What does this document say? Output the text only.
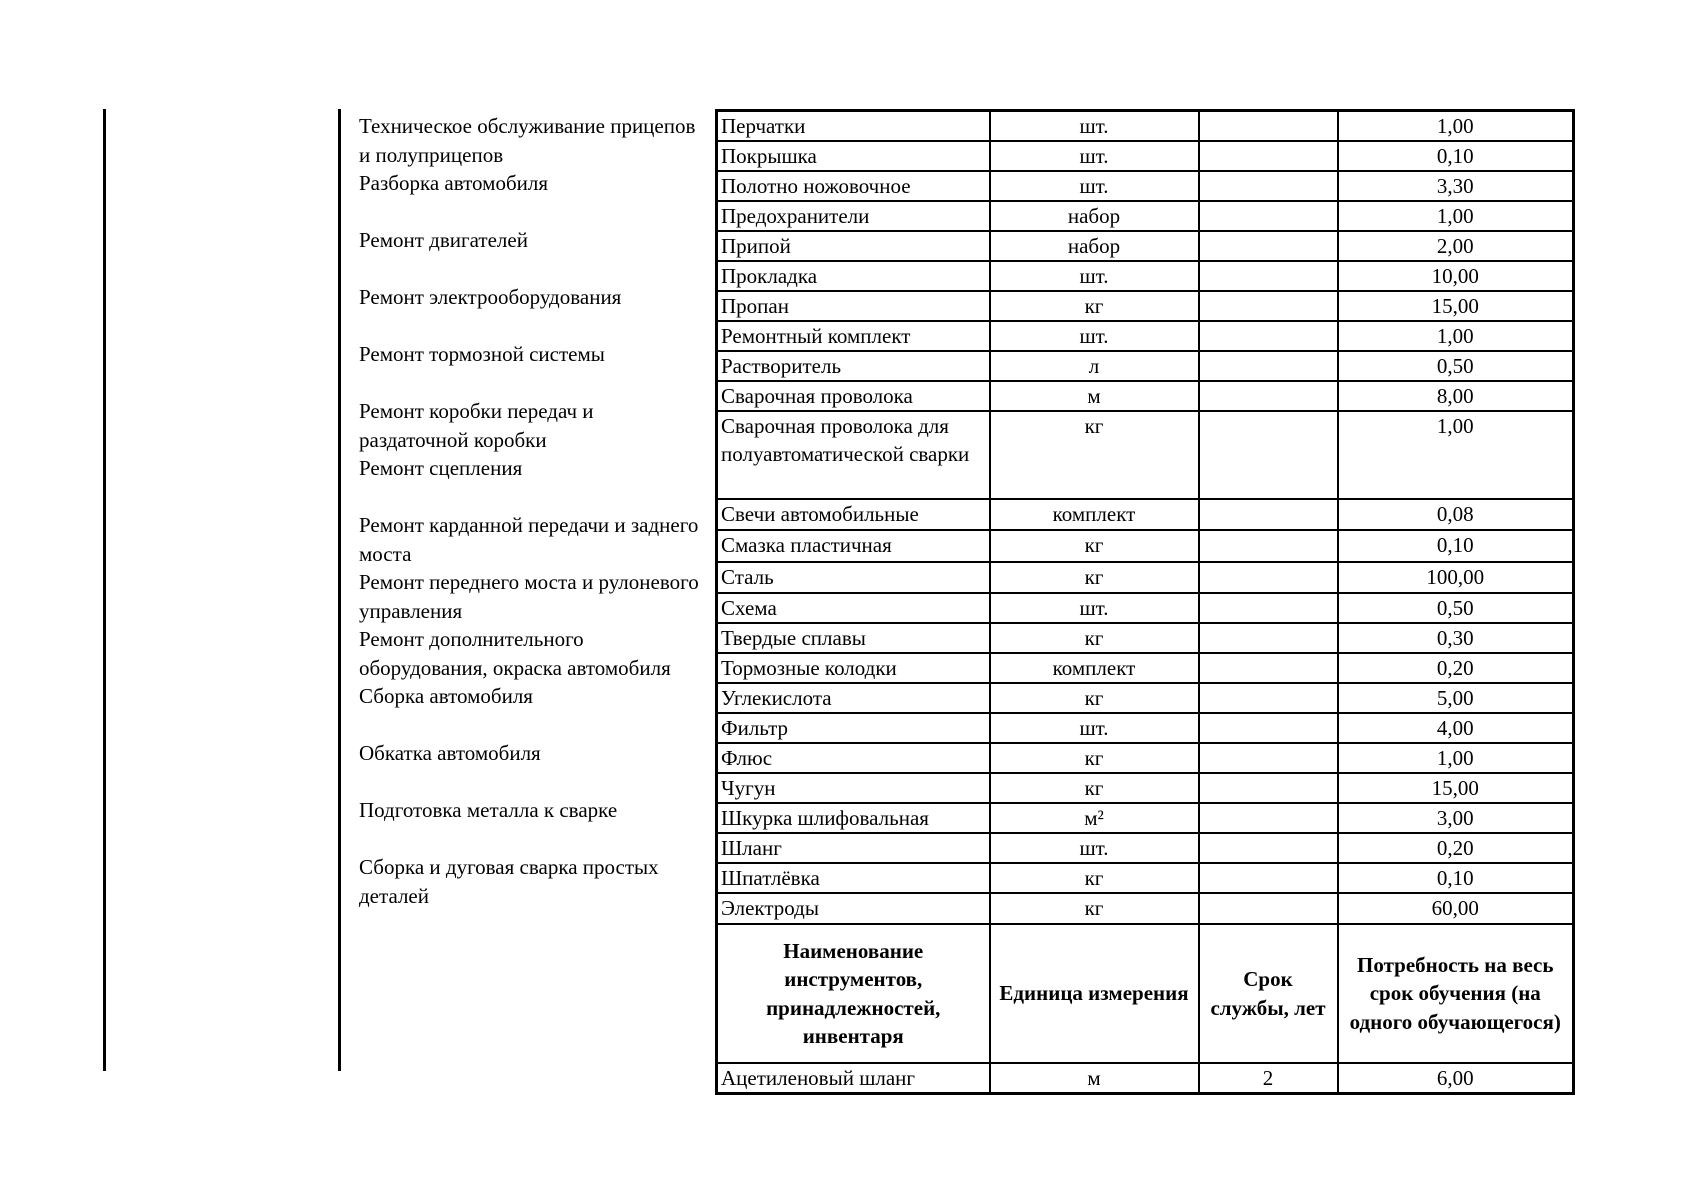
Техническое обслуживание прицепов и полуприцепов
Разборка автомобиля
Ремонт двигателей
Ремонт электрооборудования
Ремонт тормозной системы
Ремонт коробки передач и раздаточной коробки
Ремонт сцепления
Ремонт карданной передачи и заднего моста
Ремонт переднего моста и рулоневого управления
Ремонт дополнительного оборудования, окраска автомобиля
Сборка автомобиля
Обкатка автомобиля
Подготовка металла к сварке
Сборка и дуговая сварка простых деталей
Перчатки	шт.		1,00
Покрышка	шт.		0,10
Полотно ножовочное	шт.		3,30
Предохранители	набор		1,00
Припой	набор		2,00
Прокладка	шт.		10,00
Пропан	кг		15,00
Ремонтный комплект	шт.		1,00
Растворитель	л		0,50
Сварочная проволока	м		8,00
Сварочная проволока для полуавтоматической сварки	кг		1,00
Свечи автомобильные	комплект		0,08
Смазка пластичная	кг		0,10
Сталь	кг		100,00
Схема	шт.		0,50
Твердые сплавы	кг		0,30
Тормозные колодки	комплект		0,20
Углекислота	кг		5,00
Фильтр	шт.		4,00
Флюс	кг		1,00
Чугун	кг		15,00
Шкурка шлифовальная	м²		3,00
Шланг	шт.		0,20
Шпатлёвка	кг		0,10
Электроды	кг		60,00
Наименование инструментов, принадлежностей, инвентаря	Единица измерения	Срок службы, лет	Потребность на весь срок обучения (на одного обучающегося)
Ацетиленовый шланг	м	2	6,00
